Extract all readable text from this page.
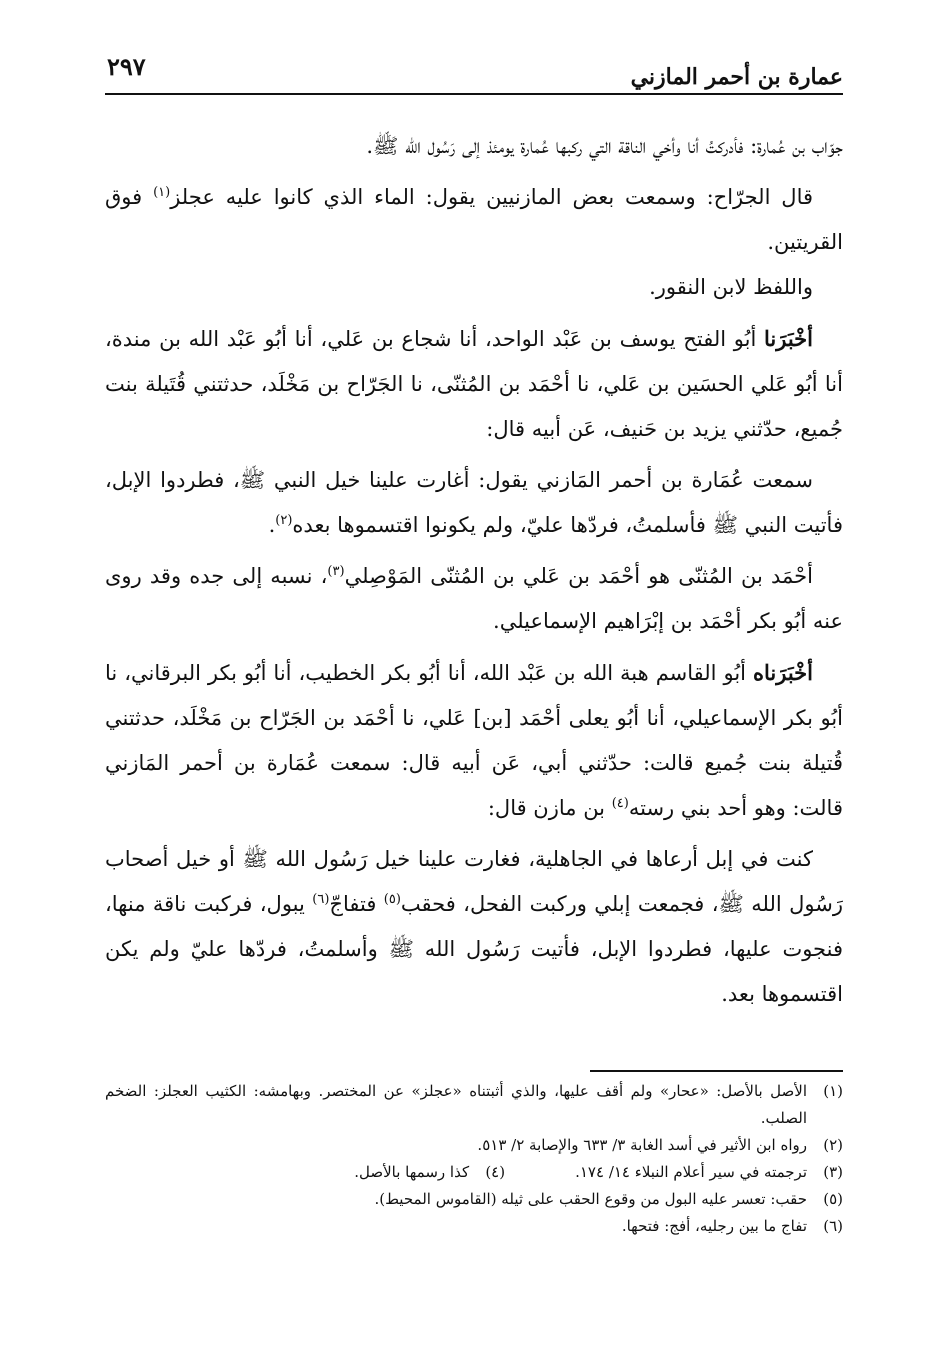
عمارة بن أحمر المازني
٢٩٧

جوّاب بن عُمارة: فأدركتُ أنا وأخي الناقة التي ركبها عُمارة يومئذ إلى رَسُول الله ﷺ.

قال الجرّاح: وسمعت بعض المازنيين يقول: الماء الذي كانوا عليه عجلز$^{(١)}$ فوق القريتين.

واللفظ لابن النقور.

أخْبَرَنا أبُو الفتح يوسف بن عَبْد الواحد، أنا شجاع بن عَلي، أنا أبُو عَبْد الله بن مندة، أنا أبُو عَلي الحسَين بن عَلي، نا أحْمَد بن المُثنّى، نا الجَرّاح بن مَخْلَد، حدثتني قُتَيلة بنت جُميع، حدّثني يزيد بن حَنيف، عَن أبيه قال:

سمعت عُمَارة بن أحمر المَازني يقول: أغارت علينا خيل النبي ﷺ، فطردوا الإبل، فأتيت النبي ﷺ فأسلمتُ، فردّها عليّ، ولم يكونوا اقتسموها بعده$^{(٢)}$.

أحْمَد بن المُثنّى هو أحْمَد بن عَلي بن المُثنّى المَوْصِلي$^{(٣)}$، نسبه إلى جده وقد روى عنه أبُو بكر أحْمَد بن إبْرَاهيم الإسماعيلي.

أخْبَرَناه أبُو القاسم هبة الله بن عَبْد الله، أنا أبُو بكر الخطيب، أنا أبُو بكر البرقاني، نا أبُو بكر الإسماعيلي، أنا أبُو يعلى أحْمَد [بن] عَلي، نا أحْمَد بن الجَرّاح بن مَخْلَد، حدثتني قُتيلة بنت جُميع قالت: حدّثني أبي، عَن أبيه قال: سمعت عُمَارة بن أحمر المَازني قالت: وهو أحد بني رسته$^{(٤)}$ بن مازن قال:

كنت في إبل أرعاها في الجاهلية، فغارت علينا خيل رَسُول الله ﷺ أو خيل أصحاب رَسُول الله ﷺ، فجمعت إبلي وركبت الفحل، فحقب$^{(٥)}$ فتفاجّ$^{(٦)}$ يبول، فركبت ناقة منها، فنجوت عليها، فطردوا الإبل، فأتيت رَسُول الله ﷺ وأسلمتُ، فردّها عليّ ولم يكن اقتسموها بعد.

(١)
الأصل بالأصل: «عحار» ولم أقف عليها، والذي أثبتناه «عجلز» عن المختصر. وبهامشه: الكثيب العجلز: الضخم الصلب.
(٢)
رواه ابن الأثير في أسد الغابة ٣/ ٦٣٣ والإصابة ٢/ ٥١٣.
(٣)
ترجمته في سير أعلام النبلاء ١٤/ ١٧٤.
(٤)
كذا رسمها بالأصل.
(٥)
حقب: تعسر عليه البول من وقوع الحقب على ثيله (القاموس المحيط).
(٦)
تفاج ما بين رجليه، أفج: فتحها.
